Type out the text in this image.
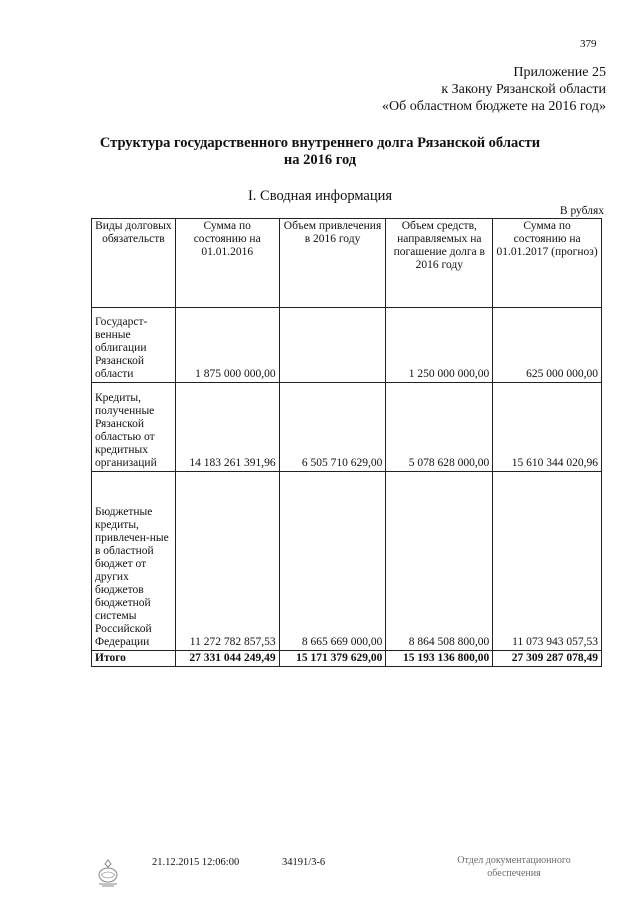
379
Приложение 25
к Закону Рязанской области
«Об областном бюджете на 2016 год»
Структура государственного внутреннего долга Рязанской области
на 2016 год
I. Сводная информация
В рублях
Виды долговых обязательств	Сумма по состоянию на 01.01.2016	Объем привлечения в 2016 году	Объем средств, направляемых на погашение долга в 2016 году	Сумма по состоянию на 01.01.2017 (прогноз)
Государст-венные облигации Рязанской области	1 875 000 000,00		1 250 000 000,00	625 000 000,00
Кредиты, полученные Рязанской областью от кредитных организаций	14 183 261 391,96	6 505 710 629,00	5 078 628 000,00	15 610 344 020,96
Бюджетные кредиты, привлечен-ные в областной бюджет от других бюджетов бюджетной системы Российской Федерации	11 272 782 857,53	8 665 669 000,00	8 864 508 800,00	11 073 943 057,53
Итого	27 331 044 249,49	15 171 379 629,00	15 193 136 800,00	27 309 287 078,49
21.12.2015 12:06:00	34191/3-6	Отдел документационного
обеспечения
